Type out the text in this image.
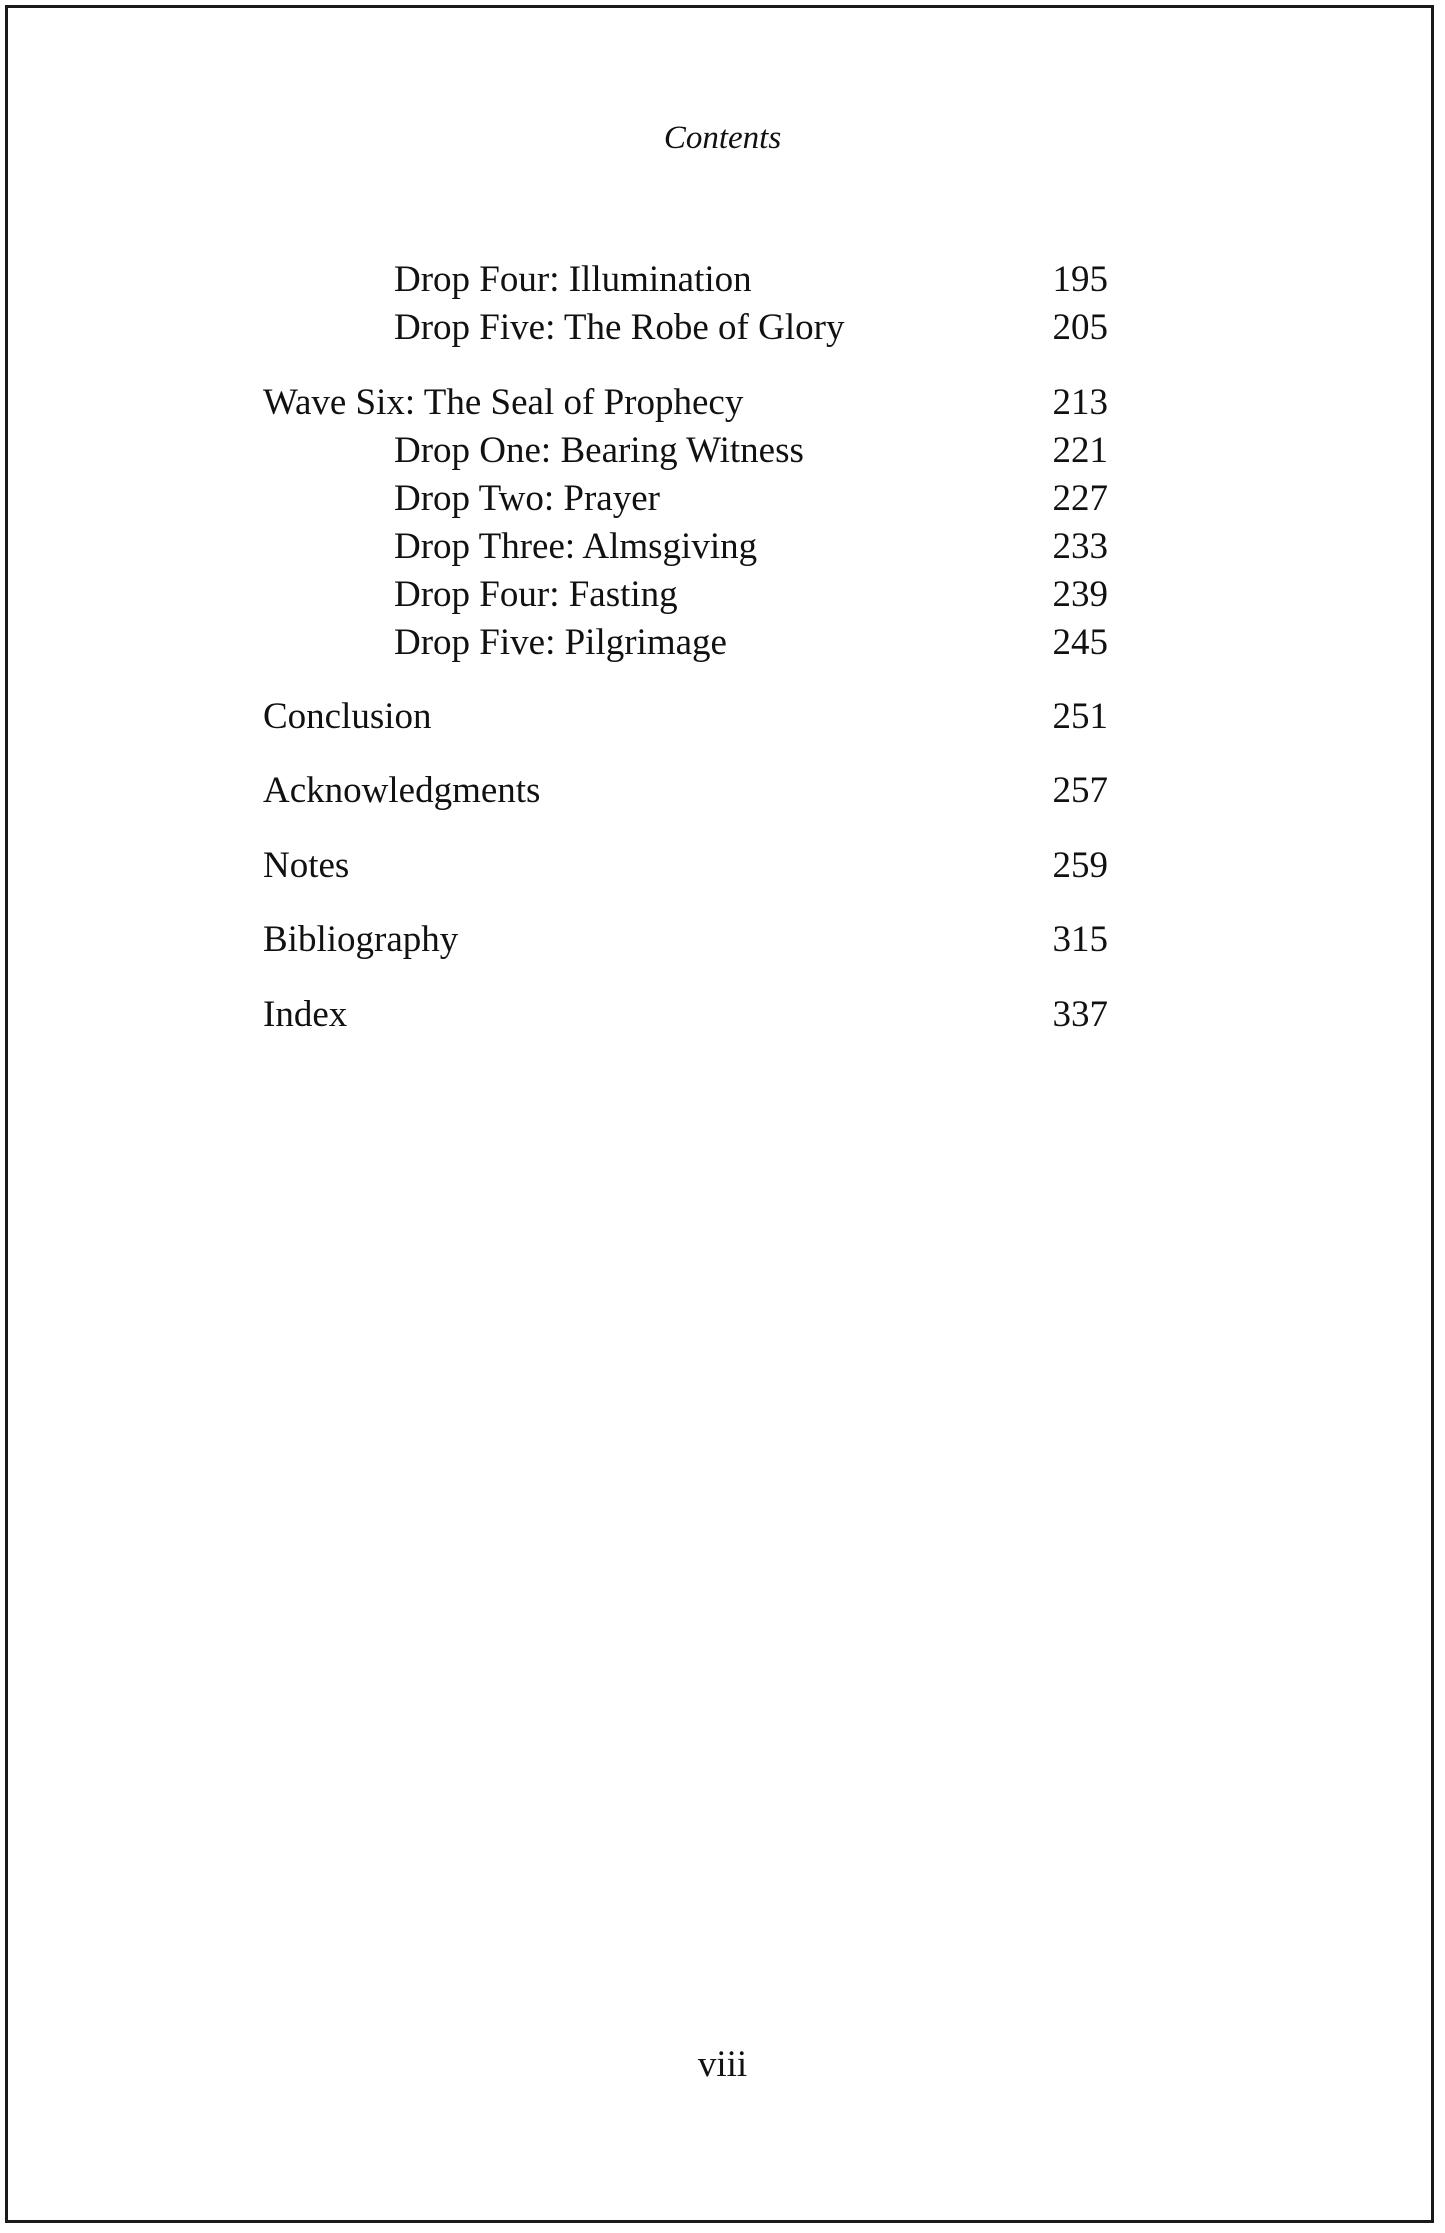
Contents
Drop Four: Illumination	195
Drop Five: The Robe of Glory	205
Wave Six: The Seal of Prophecy	213
Drop One: Bearing Witness	221
Drop Two: Prayer	227
Drop Three: Almsgiving	233
Drop Four: Fasting	239
Drop Five: Pilgrimage	245
Conclusion	251
Acknowledgments	257
Notes	259
Bibliography	315
Index	337
viii
